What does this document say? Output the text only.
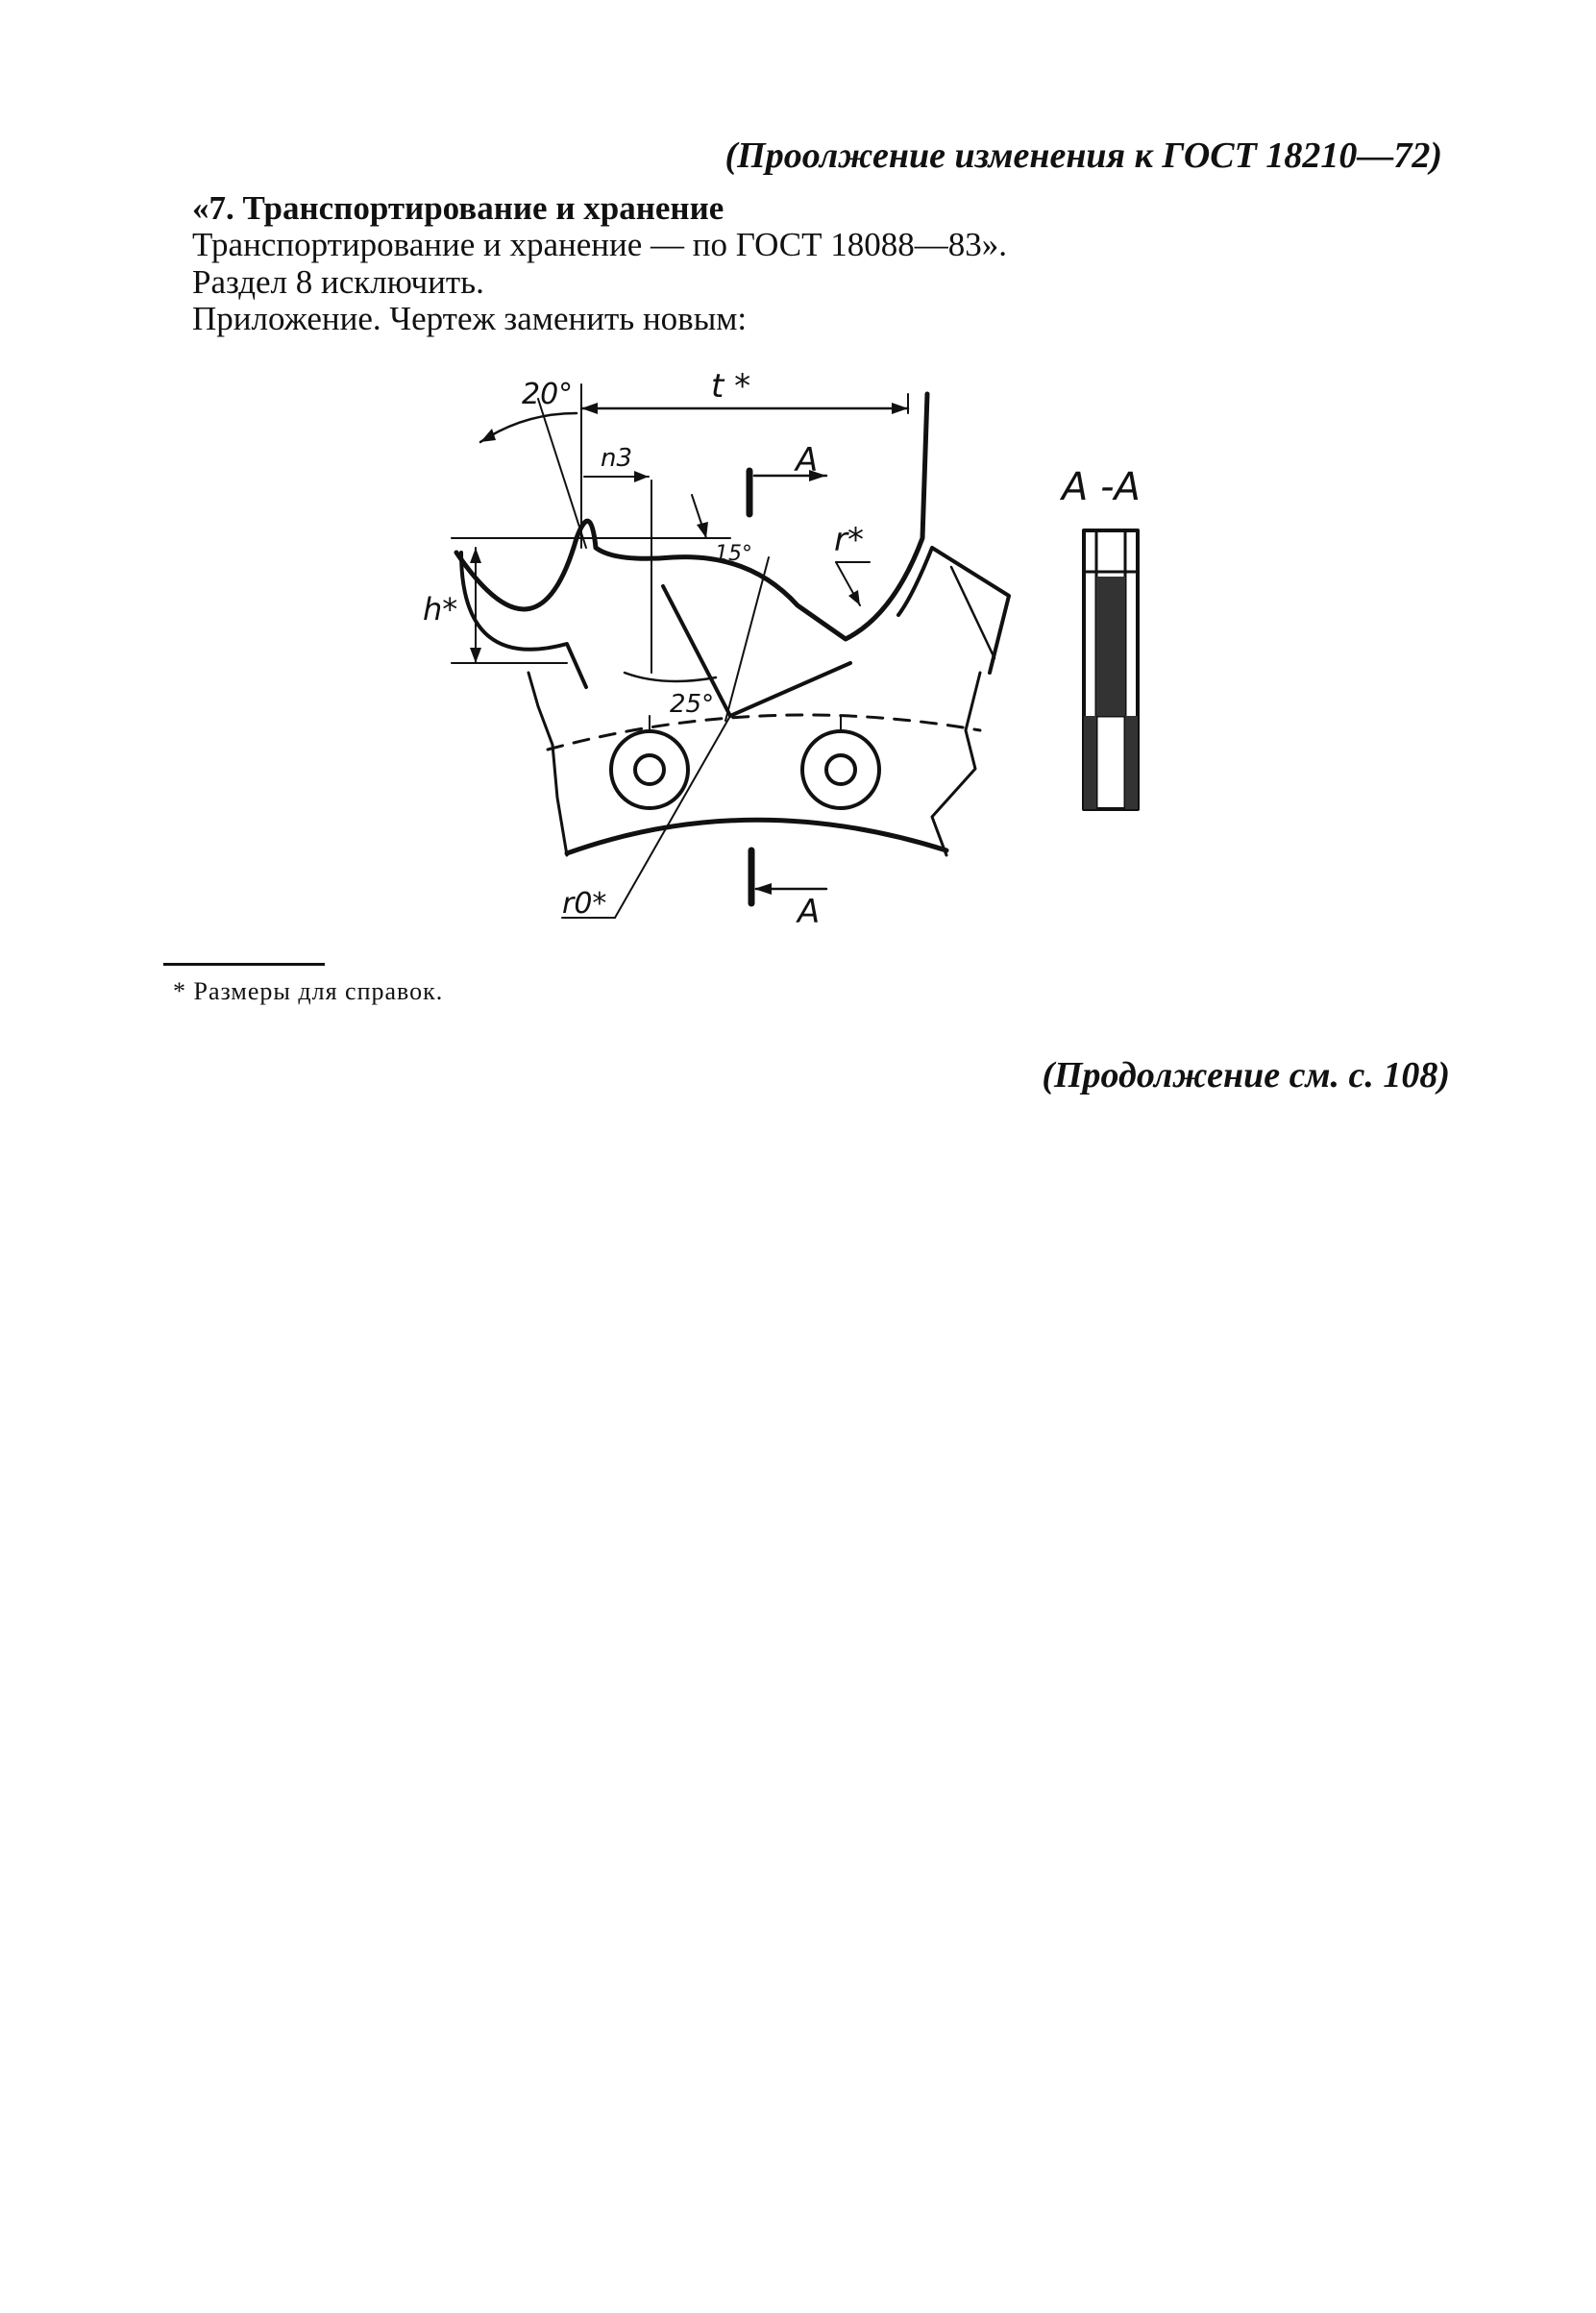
(Проолжение изменения к ГОСТ 18210—72)
«7. Транспортирование и хранение
Транспортирование и хранение — по ГОСТ 18088—83».
Раздел 8 исключить.
Приложение. Чертеж заменить новым:
20°	t *
n3	A
A -A
15°	r*
h*
25°
r0*	A
* Размеры для справок.
(Продолжение см. с. 108)
